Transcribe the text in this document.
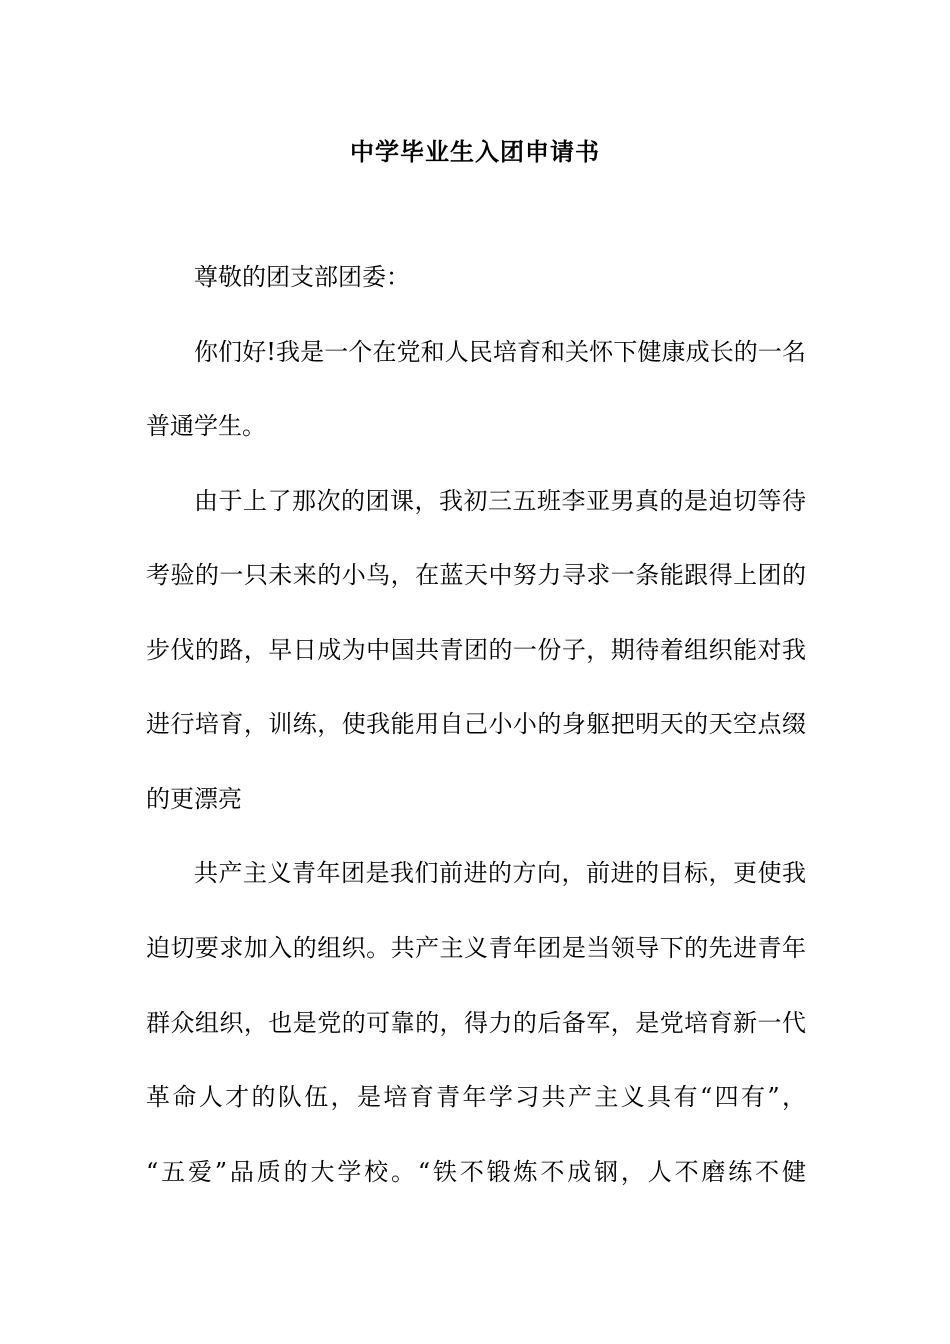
中学毕业生入团申请书
尊敬的团支部团委：
你们好!我是一个在党和人民培育和关怀下健康成长的一名
普通学生。
由于上了那次的团课，我初三五班李亚男真的是迫切等待
考验的一只未来的小鸟，在蓝天中努力寻求一条能跟得上团的
步伐的路，早日成为中国共青团的一份子，期待着组织能对我
进行培育，训练，使我能用自己小小的身躯把明天的天空点缀
的更漂亮
共产主义青年团是我们前进的方向，前进的目标，更使我
迫切要求加入的组织。共产主义青年团是当领导下的先进青年
群众组织，也是党的可靠的，得力的后备军，是党培育新一代
革命人才的队伍，是培育青年学习共产主义具有“四有”，
“五爱”品质的大学校。“铁不锻炼不成钢，人不磨练不健
